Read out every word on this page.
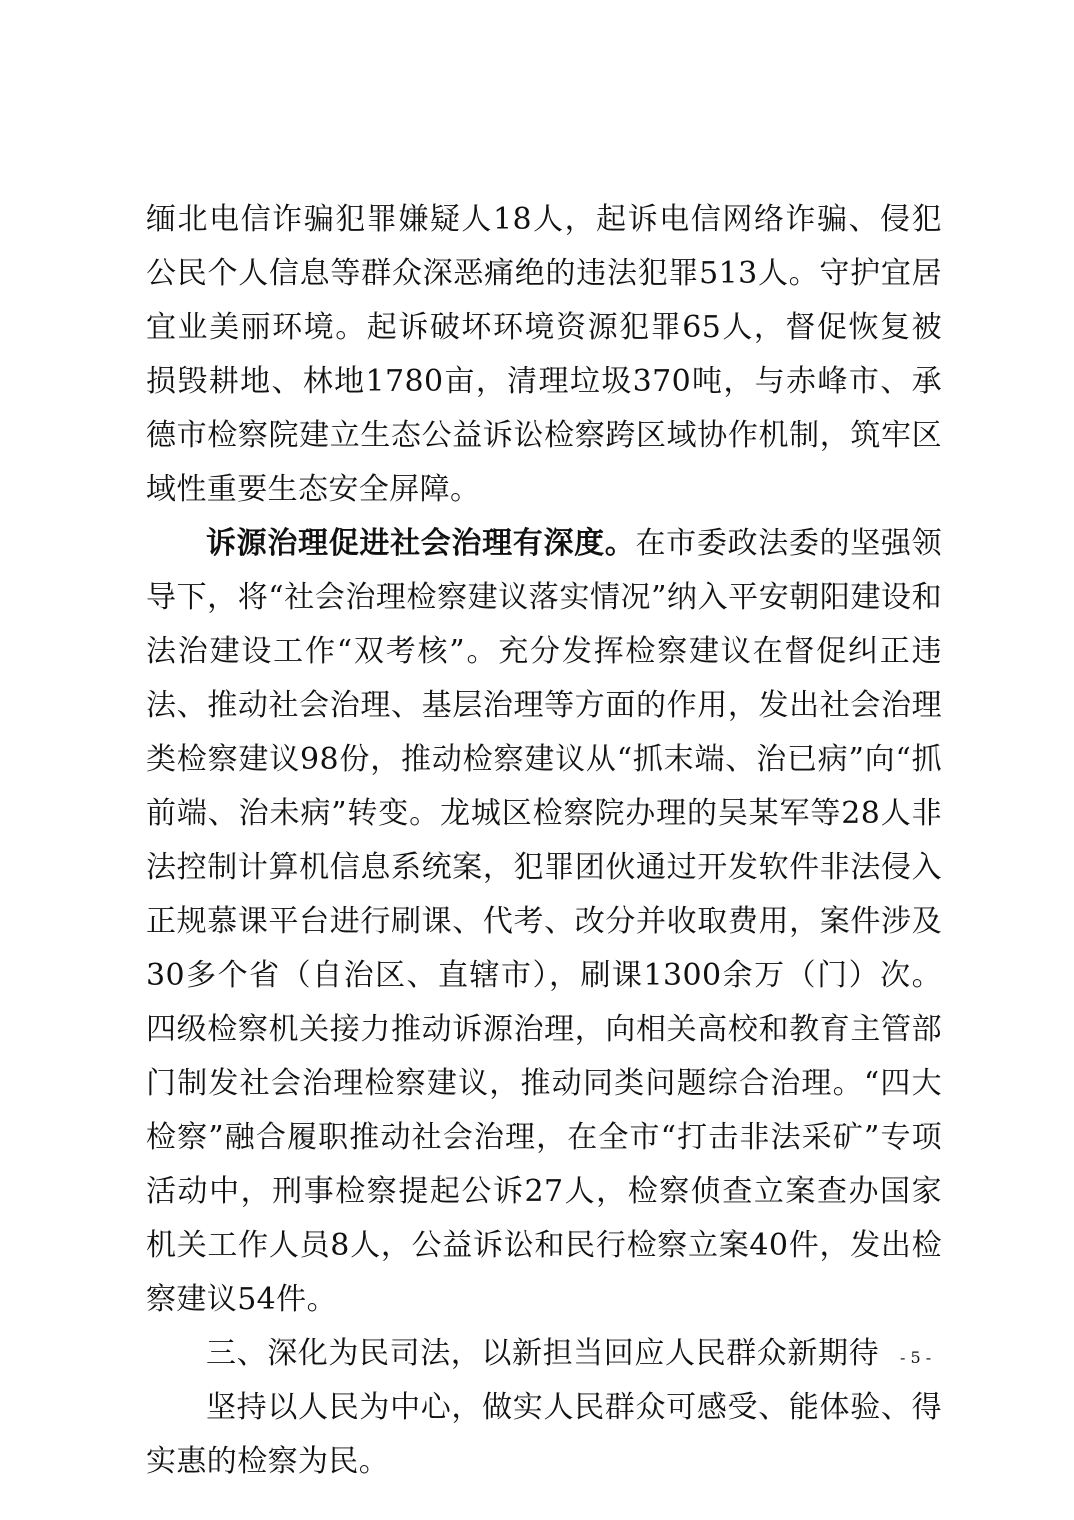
缅北电信诈骗犯罪嫌疑人18人，起诉电信网络诈骗、侵犯公民个人信息等群众深恶痛绝的违法犯罪513人。守护宜居宜业美丽环境。起诉破坏环境资源犯罪65人，督促恢复被损毁耕地、林地1780亩，清理垃圾370吨，与赤峰市、承德市检察院建立生态公益诉讼检察跨区域协作机制，筑牢区域性重要生态安全屏障。

诉源治理促进社会治理有深度。在市委政法委的坚强领导下，将“社会治理检察建议落实情况”纳入平安朝阳建设和法治建设工作“双考核”。充分发挥检察建议在督促纠正违法、推动社会治理、基层治理等方面的作用，发出社会治理类检察建议98份，推动检察建议从“抓末端、治已病”向“抓前端、治未病”转变。龙城区检察院办理的吴某军等28人非法控制计算机信息系统案，犯罪团伙通过开发软件非法侵入正规慕课平台进行刷课、代考、改分并收取费用，案件涉及30多个省（自治区、直辖市），刷课1300余万（门）次。四级检察机关接力推动诉源治理，向相关高校和教育主管部门制发社会治理检察建议，推动同类问题综合治理。“四大检察”融合履职推动社会治理，在全市“打击非法采矿”专项活动中，刑事检察提起公诉27人，检察侦查立案查办国家机关工作人员8人，公益诉讼和民行检察立案40件，发出检察建议54件。

三、深化为民司法，以新担当回应人民群众新期待

坚持以人民为中心，做实人民群众可感受、能体验、得实惠的检察为民。

- 5 -
